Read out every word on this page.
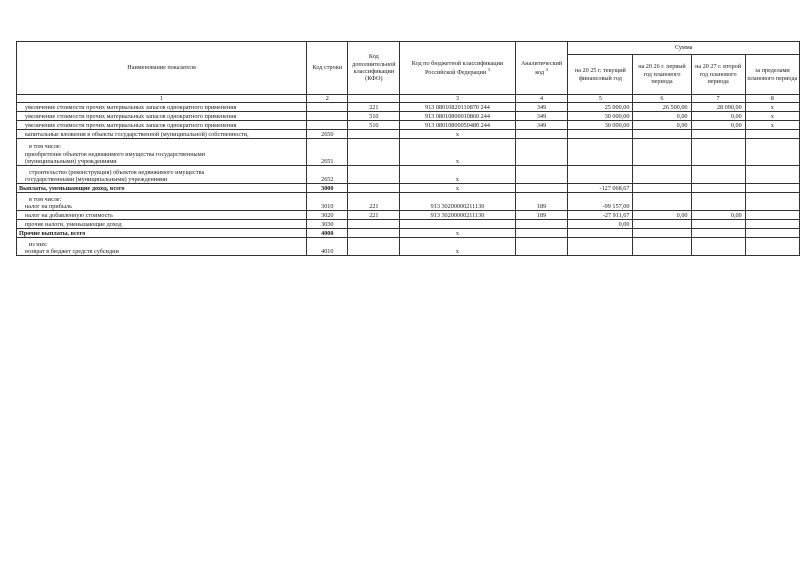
Наименование показателя	Код строки	Код дополнительной классификации (КФО)	Код по бюджетной классификации Российской Федерации $^3$	Аналитический код $^4$	Сумма			
					на 20 25 г. текущий финансовый год	на 20 26 г. первый год планового периода	на 20 27 г. второй год планового периода	за пределами планового периода
1	2		3	4	5	6	7	8
увеличение стоимости прочих материальных запасов однократного применения		221	913 08010820110870 244	349	25 000,00	26 500,00	28 090,00	x
увеличение стоимости прочих материальных запасов однократного применения		510	913 08010800010860 244	349	30 000,00	0,00	0,00	x
увеличение стоимости прочих материальных запасов однократного применения		510	913 08010800050480 244	349	30 000,00	0,00	0,00	x
капитальные вложения в объекты государственной (муниципальной) собственности,	2650		x					

в том числе:
приобретение объектов недвижимого имущества государственными
(муниципальными) учреждениями	2651		x					

строительство (реконструкция) объектов недвижимого имущества
государственными (муниципальными) учреждениями	2652		x					
Выплаты, уменьшающие доход, всего	3000		x		-127 068,67			

в том числе:
налог на прибыль	3010	221	913 30200000211130	189	-99 157,00			
налог на добавленную стоимость	3020	221	913 30200000211130	189	-27 911,67	0,00	0,00	
прочие налоги, уменьшающие доход	3030				0,00			
Прочие выплаты, всего	4000		x					

из них:
возврат в бюджет средств субсидии	4010		x					
